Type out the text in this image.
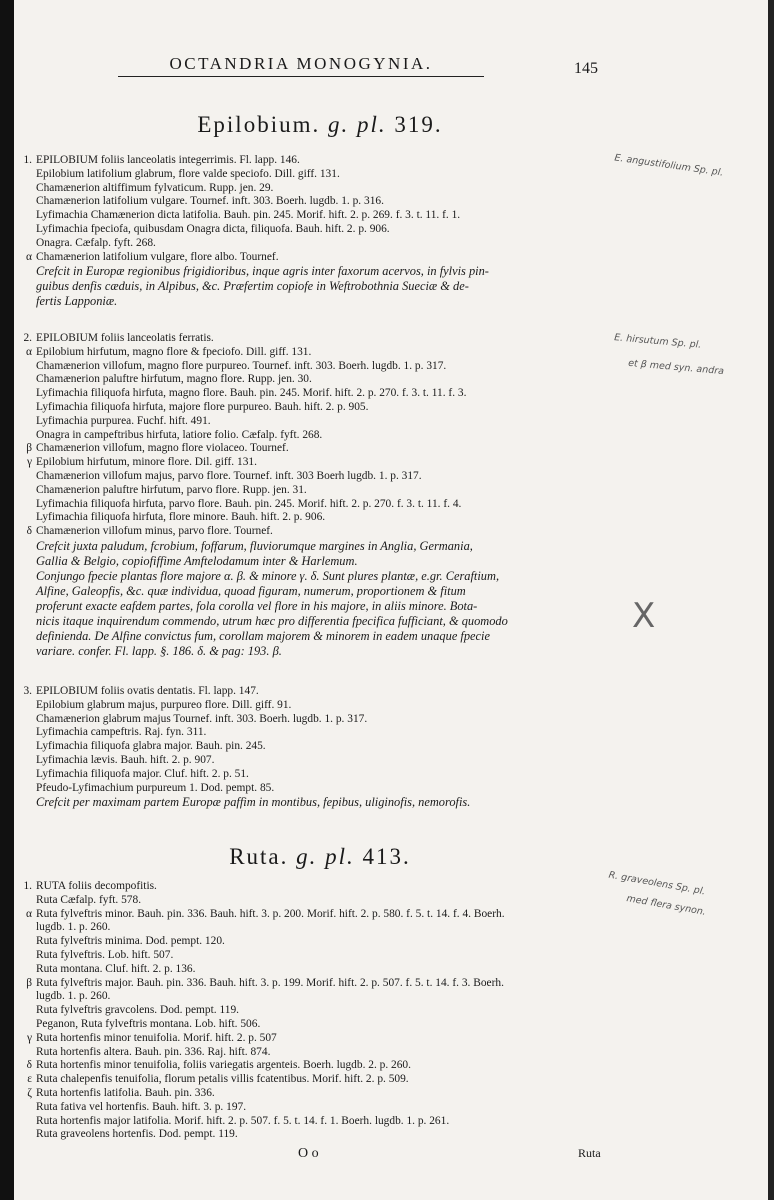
OCTANDRIA MONOGYNIA.	145
Epilobium. g. pl. 319.
1. EPILOBIUM foliis lanceolatis integerrimis. Fl. lapp. 146.
Epilobium latifolium glabrum, flore valde speciofo. Dill. giff. 131.
Chamænerion altiffimum fylvaticum. Rupp. jen. 29.
Chamænerion latifolium vulgare. Tournef. inft. 303. Boerh. lugdb. 1. p. 316.
Lyfimachia Chamænerion dicta latifolia. Bauh. pin. 245. Morif. hift. 2. p. 269. f. 3. t. 11. f. 1.
Lyfimachia fpeciofa, quibusdam Onagra dicta, filiquofa. Bauh. hift. 2. p. 906.
Onagra. Cæfalp. fyft. 268.
α Chamænerion latifolium vulgare, flore albo. Tournef.
Crefcit in Europæ regionibus frigidioribus, inque agris inter faxorum acervos, in fylvis pin-
guibus denfis cæduis, in Alpibus, &c. Præfertim copiofe in Weftrobothnia Sueciæ & de-
fertis Lapponiæ.
2. EPILOBIUM foliis lanceolatis ferratis.
α Epilobium hirfutum, magno flore & fpeciofo. Dill. giff. 131.
Chamænerion villofum, magno flore purpureo. Tournef. inft. 303. Boerh. lugdb. 1. p. 317.
Chamænerion paluftre hirfutum, magno flore. Rupp. jen. 30.
Lyfimachia filiquofa hirfuta, magno flore. Bauh. pin. 245. Morif. hift. 2. p. 270. f. 3. t. 11. f. 3.
Lyfimachia filiquofa hirfuta, majore flore purpureo. Bauh. hift. 2. p. 905.
Lyfimachia purpurea. Fuchf. hift. 491.
Onagra in campeftribus hirfuta, latiore folio. Cæfalp. fyft. 268.
β Chamænerion villofum, magno flore violaceo. Tournef.
γ Epilobium hirfutum, minore flore. Dil. giff. 131.
Chamænerion villofum majus, parvo flore. Tournef. inft. 303 Boerh lugdb. 1. p. 317.
Chamænerion paluftre hirfutum, parvo flore. Rupp. jen. 31.
Lyfimachia filiquofa hirfuta, parvo flore. Bauh. pin. 245. Morif. hift. 2. p. 270. f. 3. t. 11. f. 4.
Lyfimachia filiquofa hirfuta, flore minore. Bauh. hift. 2. p. 906.
δ Chamænerion villofum minus, parvo flore. Tournef.
Crefcit juxta paludum, fcrobium, foffarum, fluviorumque margines in Anglia, Germania,
Gallia & Belgio, copiofiffime Amftelodamum inter & Harlemum.
Conjungo fpecie plantas flore majore α. β. & minore γ. δ. Sunt plures plantæ, e.gr. Ceraftium,
Alfine, Galeopfis, &c. quæ individua, quoad figuram, numerum, proportionem & fitum
proferunt exacte eafdem partes, fola corolla vel flore in his majore, in aliis minore. Bota-
nicis itaque inquirendum commendo, utrum hæc pro differentia fpecifica fufficiant, & quomodo
definienda. De Alfine convictus fum, corollam majorem & minorem in eadem unaque fpecie
variare. confer. Fl. lapp. §. 186. δ. & pag: 193. β.
3. EPILOBIUM foliis ovatis dentatis. Fl. lapp. 147.
Epilobium glabrum majus, purpureo flore. Dill. giff. 91.
Chamænerion glabrum majus Tournef. inft. 303. Boerh. lugdb. 1. p. 317.
Lyfimachia campeftris. Raj. fyn. 311.
Lyfimachia filiquofa glabra major. Bauh. pin. 245.
Lyfimachia lævis. Bauh. hift. 2. p. 907.
Lyfimachia filiquofa major. Cluf. hift. 2. p. 51.
Pfeudo-Lyfimachium purpureum 1. Dod. pempt. 85.
Crefcit per maximam partem Europæ paffim in montibus, fepibus, uliginofis, nemorofis.
Ruta. g. pl. 413.
1. RUTA foliis decompofitis.
Ruta Cæfalp. fyft. 578.
α Ruta fylveftris minor. Bauh. pin. 336. Bauh. hift. 3. p. 200. Morif. hift. 2. p. 580. f. 5. t. 14. f. 4. Boerh.
lugdb. 1. p. 260.
Ruta fylveftris minima. Dod. pempt. 120.
Ruta fylveftris. Lob. hift. 507.
Ruta montana. Cluf. hift. 2. p. 136.
β Ruta fylveftris major. Bauh. pin. 336. Bauh. hift. 3. p. 199. Morif. hift. 2. p. 507. f. 5. t. 14. f. 3. Boerh.
lugdb. 1. p. 260.
Ruta fylveftris gravcolens. Dod. pempt. 119.
Peganon, Ruta fylveftris montana. Lob. hift. 506.
γ Ruta hortenfis minor tenuifolia. Morif. hift. 2. p. 507
Ruta hortenfis altera. Bauh. pin. 336. Raj. hift. 874.
δ Ruta hortenfis minor tenuifolia, foliis variegatis argenteis. Boerh. lugdb. 2. p. 260.
ε Ruta chalepenfis tenuifolia, florum petalis villis fcatentibus. Morif. hift. 2. p. 509.
ζ Ruta hortenfis latifolia. Bauh. pin. 336.
Ruta fativa vel hortenfis. Bauh. hift. 3. p. 197.
Ruta hortenfis major latifolia. Morif. hift. 2. p. 507. f. 5. t. 14. f. 1. Boerh. lugdb. 1. p. 261.
Ruta graveolens hortenfis. Dod. pempt. 119.
E. angustifolium Sp. pl.
E. hirsutum Sp. pl.
et β med syn. andra
X
R. graveolens Sp. pl.
med flera synon.
O o	Ruta
